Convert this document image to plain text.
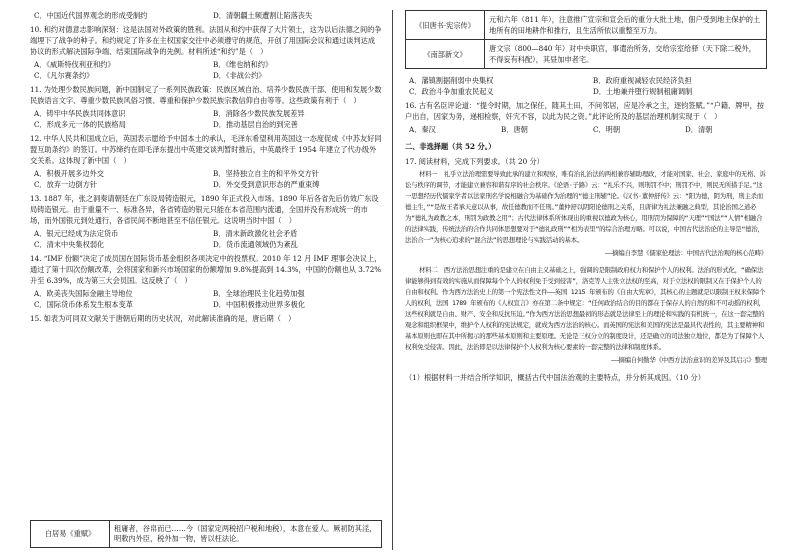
C．中国近代国界观念的形成受制约	D．清朝疆土频遭割让陷落丧失

10. 和约对德意志影响深刻：这是法国对外政策的胜利。法国从和约中获得了大片领土，这为以后法德之间的争端埋下了战争的种子。和约规定了许多在主权国家交往中必须遵守的规范，开创了用国际会议和通过谈判达成协议的形式解决国际争端、结束国际战争的先例。材料所述“和约”是（　）

A．《威斯特伐利亚和约》	B．《维也纳和约》
C．《凡尔赛条约》	D．《非战公约》

11. 为处理少数民族问题，新中国制定了一系列民族政策：民族区域自治、培养少数民族干部、使用和发展少数民族语言文字、尊重少数民族风俗习惯、尊重和保护少数民族宗教信仰自由等等。这些政策有利于（　）

A．铸牢中华民族共同体意识	B．消除各少数民族发展差异
C．形成多元一体的民族格局	D．推动基层自治的到完善

12. 中华人民共和国成立后，英国表示愿给予中国本土的承认，毛泽东希望利用英国这一态度促成《中苏友好同盟互助条约》的签订。中苏缔约在即毛泽东提出中英建交谈判暂时推后，中英最终于 1954 年建立了代办级外交关系。这体现了新中国（　）

A．积极开展多边外交	B．坚持独立自主的和平外交方针
C．放弃一边倒方针	D．外交受到意识形态的严重束缚

13. 1887 年，张之洞奏请朝廷在广东设局铸造银元，1890 年正式投入市场。1890 年后各省先后仿效广东设局铸造银元。由于重量不一、标准各异，各省铸造的银元只能在本省范围内流通，全国并没有形成统一的市场，而外国银元到处通行，各省民间不断地甚至不信任银元。这说明当时中国（　）

A．银元已经成为法定货币	B．清末新政激化社会矛盾
C．清末中央集权弱化	D．货币流通领域仍为紊乱

14. “IMF 份额”决定了成员国在国际货币基金组织各项决定中的投票权。2010 年 12 月 IMF 理事会决议上，通过了第十四次份额改革，会将国家和新兴市场国家的份额增加 9.8%提高到 14.3%，中国的份额也从 3.72%升至 6.39%，成为第三大会员国。这反映了（　）

A．欧美丧失国际金融主导地位	B．全球治理民主化趋势加强
C．国际货币体系发生根本变革	D．中国积极推动世界多极化

15. 如表为可同双文献关于唐朝后期的历史状况，对此解读准确的是，唐后期（　）

白居易《重赋》	租庸者，谷帛而已……今（国家定两税招户税和地税），本意在爱人。厥初防其淫，明敕内外臣，税外加一物，皆以枉法论。
《旧唐书·宪宗传》	元和六年（811 年），注意推广宣宗和宣会后的重分大批土地，佃户受到地主保护的土地所有的田地耕作和推行，且生活所依以重整至万力。
《南部新文》	唐文宗（800—840 年）对中央职官，事遣治所务，交给宗室给驿（天下除二税外，不得妄有科配），其昼加申者宅。
A．藩镇割据削弱中央集权	B．政府重视减轻农民经济负担
C．政治斗争加重农民起义	D．土地兼并堕行规制租庸调制

16. 古有名臣评论道：“提令时期，加之保任，随其土田，不问邻居，应是冷承之主，逐钧签赋。”“户籍、牌甲，按户出自，因家为务，递相检察，奸宄不容，以此为民之资。”此评论所及的基层治理机制实现于（　）

A．秦汉	B．唐朝	C．明朝	D．清朝
二、非选择题（共 52 分。）

17. 阅读材料，完成下列要求。（共 20 分）

材料一　礼乎立法治理需要导致此承的建立和观察，唯有治礼治法的两相兼容辅助理政，才能对国家、社会、家庭中的无格、诉讼与秩序的调节，才能建立兼容和谐有序的社会秩序。《论语·子路》云：“礼乐不兴，则刑罚不中；刑罚不中，则民无所措手足。”这一思想经历代儒家学者以法家刑名学说相融合为基础作为治理的“德主刑辅”论。《汉书·董仲舒传》云：“阳为德，阴为刑，刑主杀而德主生，”“是故王者承天意以从事，故任德教而不任刑。”董仲舒以阴阳论德刑之关系，且唐律为礼法兼融之典型，其论治国之道必为“德礼为政教之本，刑罚为政教之用”；古代法律体系所体现出的重视以德政为核心，用刑罚为保障的“天理”“国法”“人情”相融合的法律实践，传统法治的合作共同体思想要对于“德礼政刑”“相为表里”的综合治理方略。可以说，中国古代法治论的主导是“德治，法治合一”为核心追求的“混合法”的思想理论与实践活动的基本。

——摘编自李慧《儒家伦理法：中国古代法治观的核心范畴》

材料二　西方法治思想注重的是建立在自由主义基础之上，强调的是限制政府权力和保护个人的权利。法治的形式化，“确保法律能够得到有效的实施从而保障每个个人的权利免于受到侵害”，洛克等人主张立法权的至高，对于立法权的限制又在于保护个人的自由和权利。作为西方法治史上的第一个宪法性文件——英国 1215 年颁布的《自由大宪章》，其核心的主题就是以限制王权来保障个人的权利，法国 1789 年颁布的《人权宣言》亦在第二条中规定：“任何政治结合的目的都在于保存人的自然的和不可动摇的权利，这些权利就是自由、财产、安全和反抗压迫。”作为西方法治思想最初的形态就是法律至上的理论和实践的有机统一，在这一套完整的观念和组织框架中，维护个人权利的宪法规定，就成为西方法治的核心。而英国的宪法和美国的宪法是最具代表性的，其主要精神和基本原则也即在其中所揭示的那些基本原则和主要原理。无论是三权分立的制度设计，还是确立的司法独立地位，都是为了保障个人权利免受侵害。因此，法治即是以法律保护个人权利为核心要素的一套完整的法律和制度体系。

——摘编自何勤华《中西方法治意识的差异及其启示》整理

（1）根据材料一并结合所学知识，概括古代中国法治观的主要特点，并分析其成因。（10 分）
